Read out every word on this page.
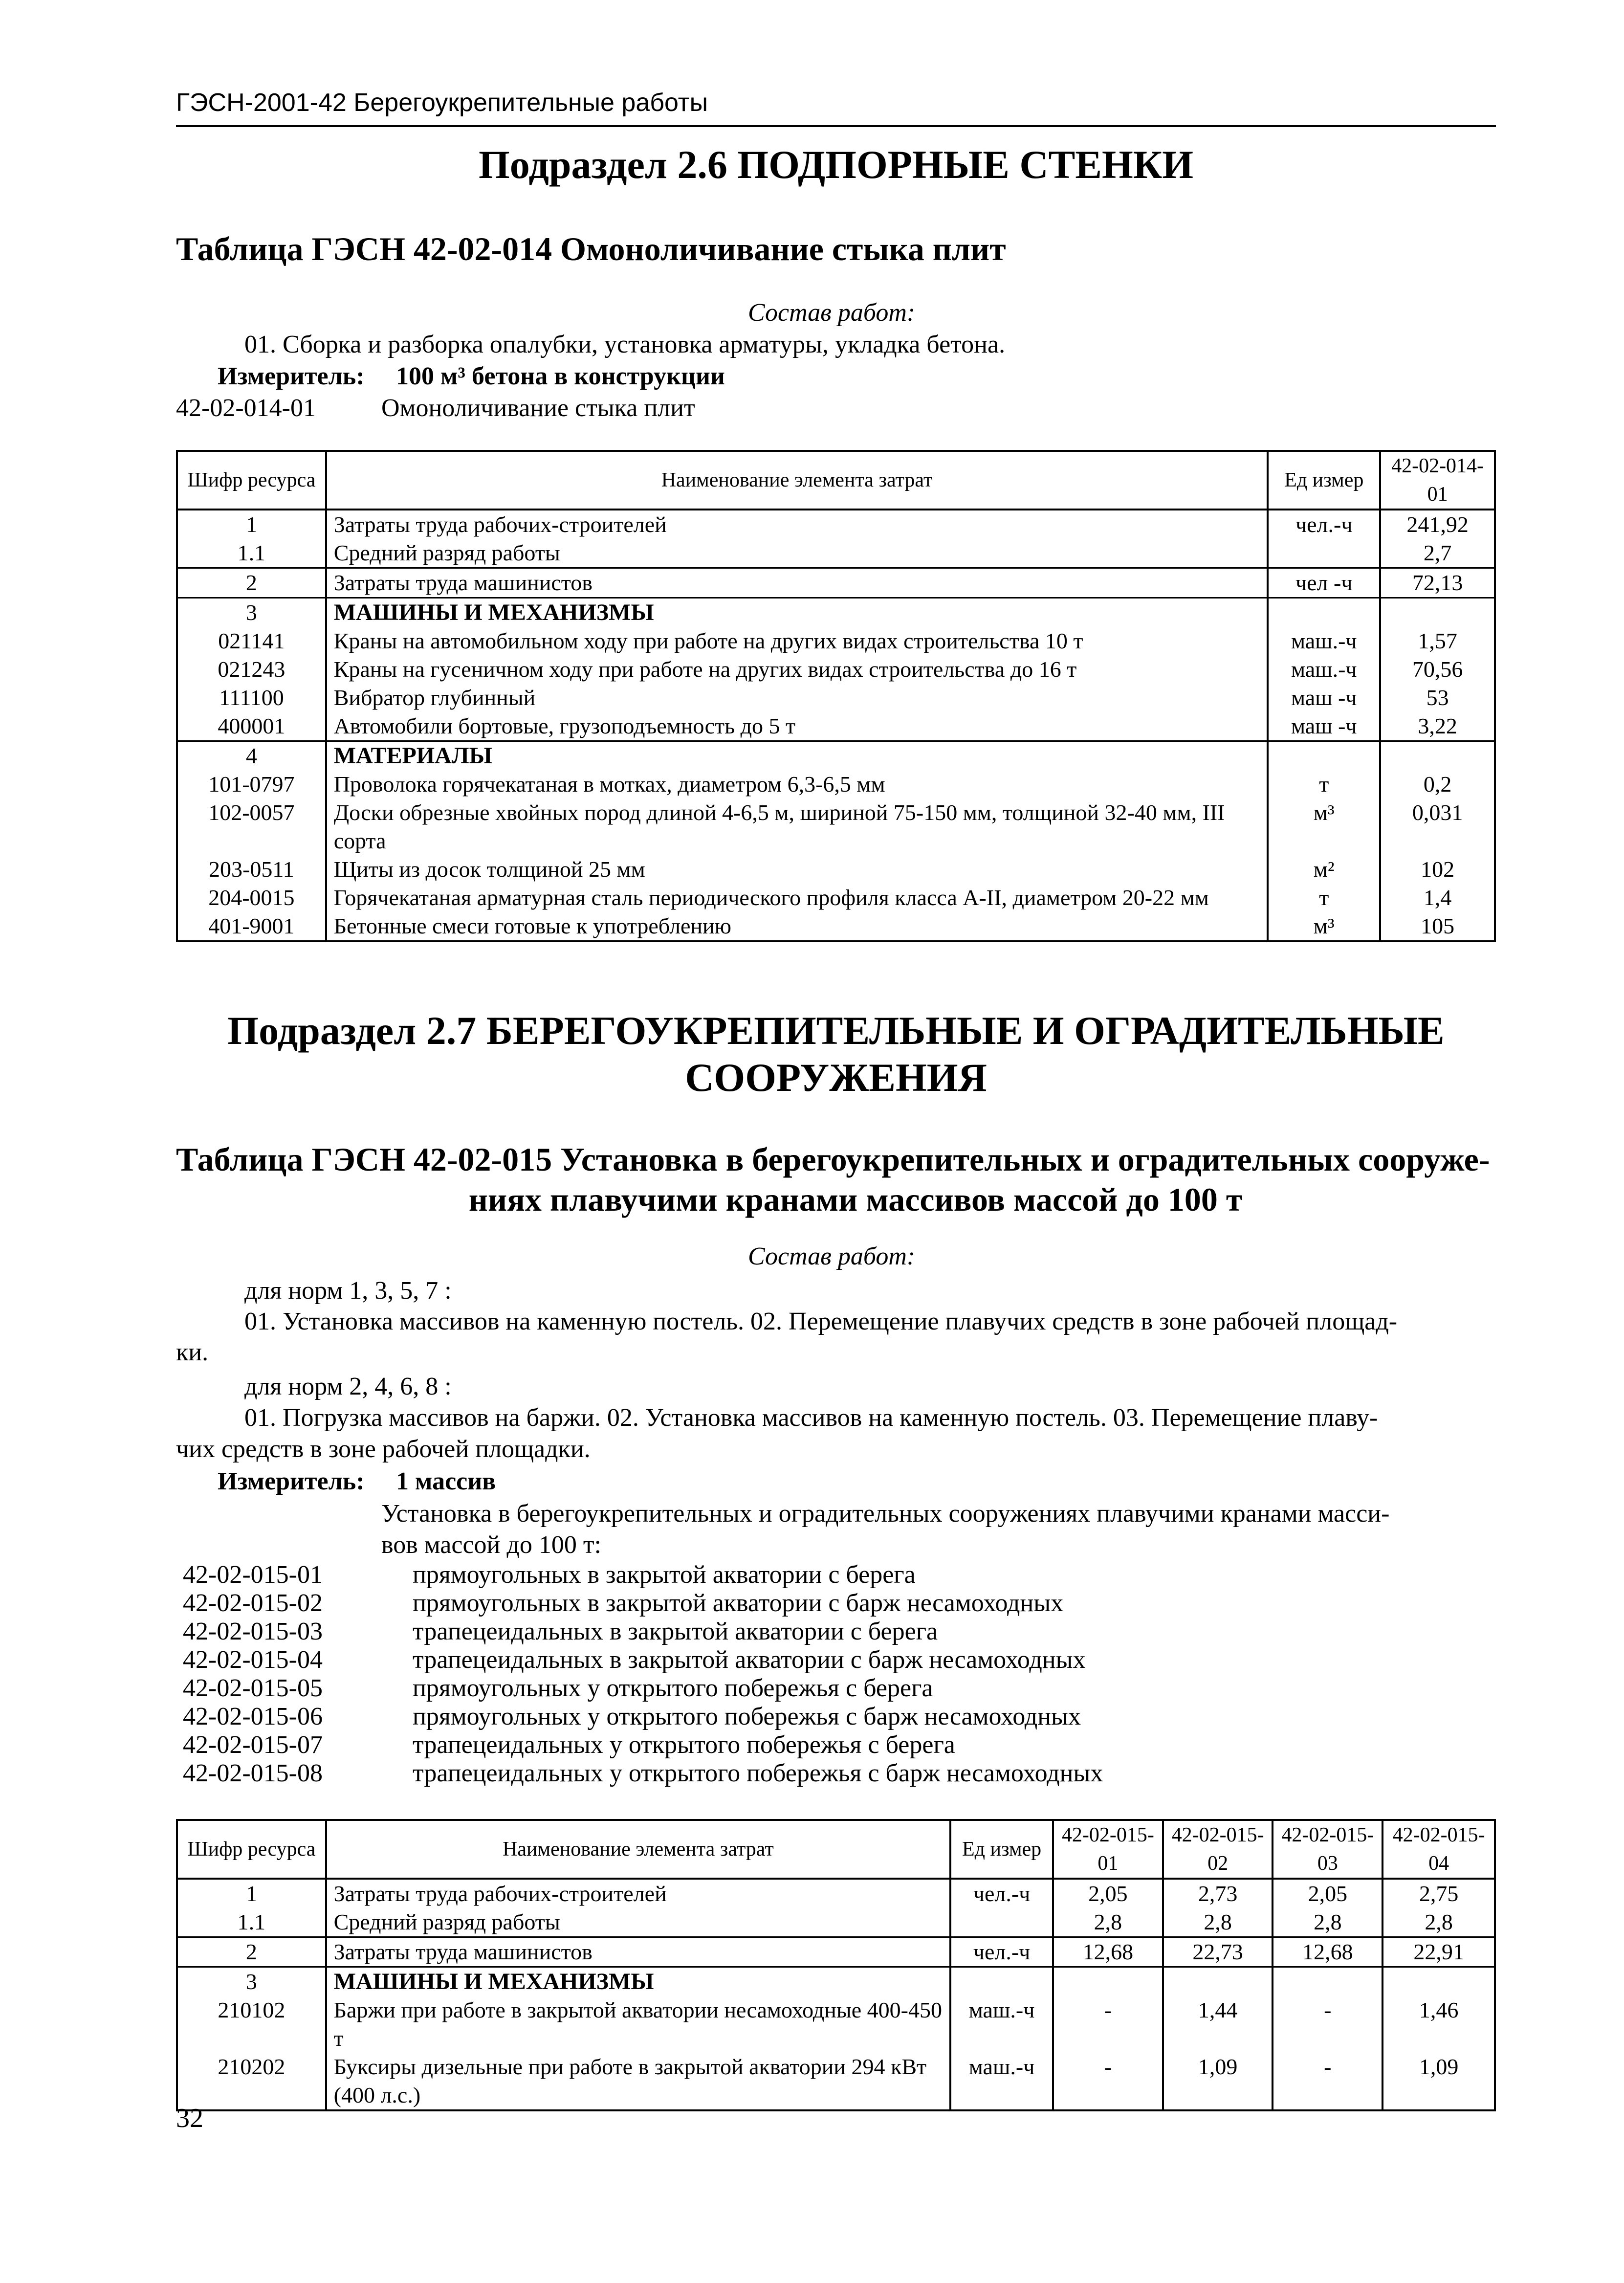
ГЭСН-2001-42 Берегоукрепительные работы
Подраздел 2.6 ПОДПОРНЫЕ СТЕНКИ
Таблица ГЭСН 42-02-014 Омоноличивание стыка плит
Состав работ:
01. Сборка и разборка опалубки, установка арматуры, укладка бетона.
Измеритель: 100 м³ бетона в конструкции
42-02-014-01	Омоноличивание стыка плит
Шифр ресурса	Наименование элемента затрат	Ед измер	42-02-014-01
1	Затраты труда рабочих-строителей	чел.-ч	241,92
1.1	Средний разряд работы		2,7
2	Затраты труда машинистов	чел -ч	72,13
3	МАШИНЫ И МЕХАНИЗМЫ		
021141	Краны на автомобильном ходу при работе на других видах строительства 10 т	маш.-ч	1,57
021243	Краны на гусеничном ходу при работе на других видах строительства до 16 т	маш.-ч	70,56
111100	Вибратор глубинный	маш -ч	53
400001	Автомобили бортовые, грузоподъемность до 5 т	маш -ч	3,22
4	МАТЕРИАЛЫ		
101-0797	Проволока горячекатаная в мотках, диаметром 6,3-6,5 мм	т	0,2
102-0057	Доски обрезные хвойных пород длиной 4-6,5 м, шириной 75-150 мм, толщиной 32-40 мм, III сорта	м³	0,031
203-0511	Щиты из досок толщиной 25 мм	м²	102
204-0015	Горячекатаная арматурная сталь периодического профиля класса А-II, диаметром 20-22 мм	т	1,4
401-9001	Бетонные смеси готовые к употреблению	м³	105
Подраздел 2.7 БЕРЕГОУКРЕПИТЕЛЬНЫЕ И ОГРАДИТЕЛЬНЫЕ
СООРУЖЕНИЯ
Таблица ГЭСН 42-02-015 Установка в берегоукрепительных и оградительных сооруже-
ниях плавучими кранами массивов массой до 100 т
Состав работ:
для норм 1, 3, 5, 7 :
01. Установка массивов на каменную постель. 02. Перемещение плавучих средств в зоне рабочей площад-
ки.
для норм 2, 4, 6, 8 :
01. Погрузка массивов на баржи. 02. Установка массивов на каменную постель. 03. Перемещение плаву-
чих средств в зоне рабочей площадки.
Измеритель: 1 массив
Установка в берегоукрепительных и оградительных сооружениях плавучими кранами масси-
вов массой до 100 т:
42-02-015-01	прямоугольных в закрытой акватории с берега
42-02-015-02	прямоугольных в закрытой акватории с барж несамоходных
42-02-015-03	трапецеидальных в закрытой акватории с берега
42-02-015-04	трапецеидальных в закрытой акватории с барж несамоходных
42-02-015-05	прямоугольных у открытого побережья с берега
42-02-015-06	прямоугольных у открытого побережья с барж несамоходных
42-02-015-07	трапецеидальных у открытого побережья с берега
42-02-015-08	трапецеидальных у открытого побережья с барж несамоходных
Шифр ресурса	Наименование элемента затрат	Ед измер	42-02-015-01	42-02-015-02	42-02-015-03	42-02-015-04
1	Затраты труда рабочих-строителей	чел.-ч	2,05	2,73	2,05	2,75
1.1	Средний разряд работы		2,8	2,8	2,8	2,8
2	Затраты труда машинистов	чел.-ч	12,68	22,73	12,68	22,91
3	МАШИНЫ И МЕХАНИЗМЫ					
210102	Баржи при работе в закрытой акватории несамоходные 400-450 т	маш.-ч	-	1,44	-	1,46
210202	Буксиры дизельные при работе в закрытой акватории 294 кВт (400 л.с.)	маш.-ч	-	1,09	-	1,09
32
